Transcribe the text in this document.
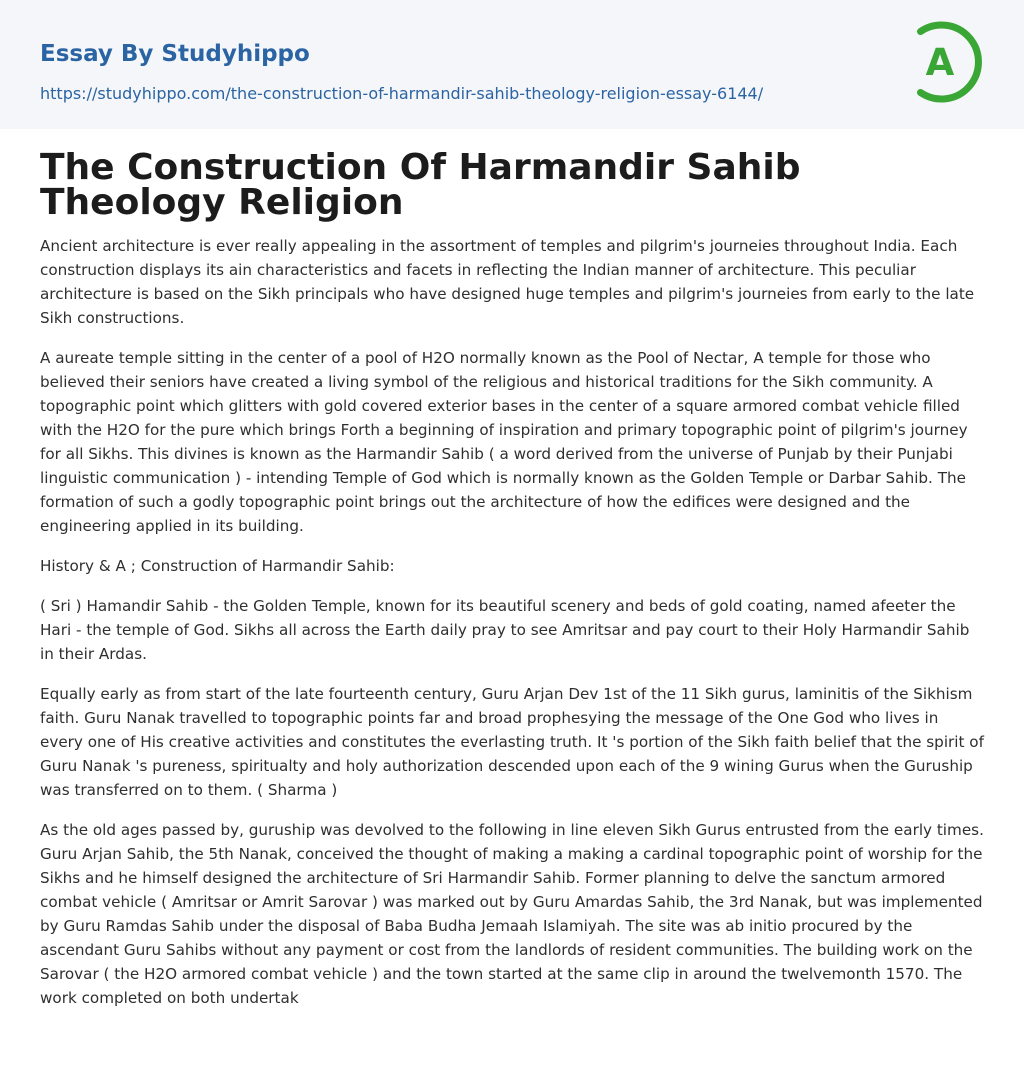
Essay By Studyhippo
https://studyhippo.com/the-construction-of-harmandir-sahib-theology-religion-essay-6144/
A
The Construction Of Harmandir Sahib Theology Religion

Ancient architecture is ever really appealing in the assortment of temples and pilgrim's journeies throughout India. Each construction displays its ain characteristics and facets in reflecting the Indian manner of architecture. This peculiar architecture is based on the Sikh principals who have designed huge temples and pilgrim's journeies from early to the late Sikh constructions.

A aureate temple sitting in the center of a pool of H2O normally known as the Pool of Nectar, A temple for those who believed their seniors have created a living symbol of the religious and historical traditions for the Sikh community. A topographic point which glitters with gold covered exterior bases in the center of a square armored combat vehicle filled with the H2O for the pure which brings Forth a beginning of inspiration and primary topographic point of pilgrim's journey for all Sikhs. This divines is known as the Harmandir Sahib ( a word derived from the universe of Punjab by their Punjabi linguistic communication ) - intending Temple of God which is normally known as the Golden Temple or Darbar Sahib. The formation of such a godly topographic point brings out the architecture of how the edifices were designed and the engineering applied in its building.

History & A ; Construction of Harmandir Sahib:

( Sri ) Hamandir Sahib - the Golden Temple, known for its beautiful scenery and beds of gold coating, named afeeter the Hari - the temple of God. Sikhs all across the Earth daily pray to see Amritsar and pay court to their Holy Harmandir Sahib in their Ardas.

Equally early as from start of the late fourteenth century, Guru Arjan Dev 1st of the 11 Sikh gurus, laminitis of the Sikhism faith. Guru Nanak travelled to topographic points far and broad prophesying the message of the One God who lives in every one of His creative activities and constitutes the everlasting truth. It 's portion of the Sikh faith belief that the spirit of Guru Nanak 's pureness, spiritualty and holy authorization descended upon each of the 9 wining Gurus when the Guruship was transferred on to them. ( Sharma )

As the old ages passed by, guruship was devolved to the following in line eleven Sikh Gurus entrusted from the early times. Guru Arjan Sahib, the 5th Nanak, conceived the thought of making a making a cardinal topographic point of worship for the Sikhs and he himself designed the architecture of Sri Harmandir Sahib. Former planning to delve the sanctum armored combat vehicle ( Amritsar or Amrit Sarovar ) was marked out by Guru Amardas Sahib, the 3rd Nanak, but was implemented by Guru Ramdas Sahib under the disposal of Baba Budha Jemaah Islamiyah. The site was ab initio procured by the ascendant Guru Sahibs without any payment or cost from the landlords of resident communities. The building work on the Sarovar ( the H2O armored combat vehicle ) and the town started at the same clip in around the twelvemonth 1570. The work completed on both undertak
